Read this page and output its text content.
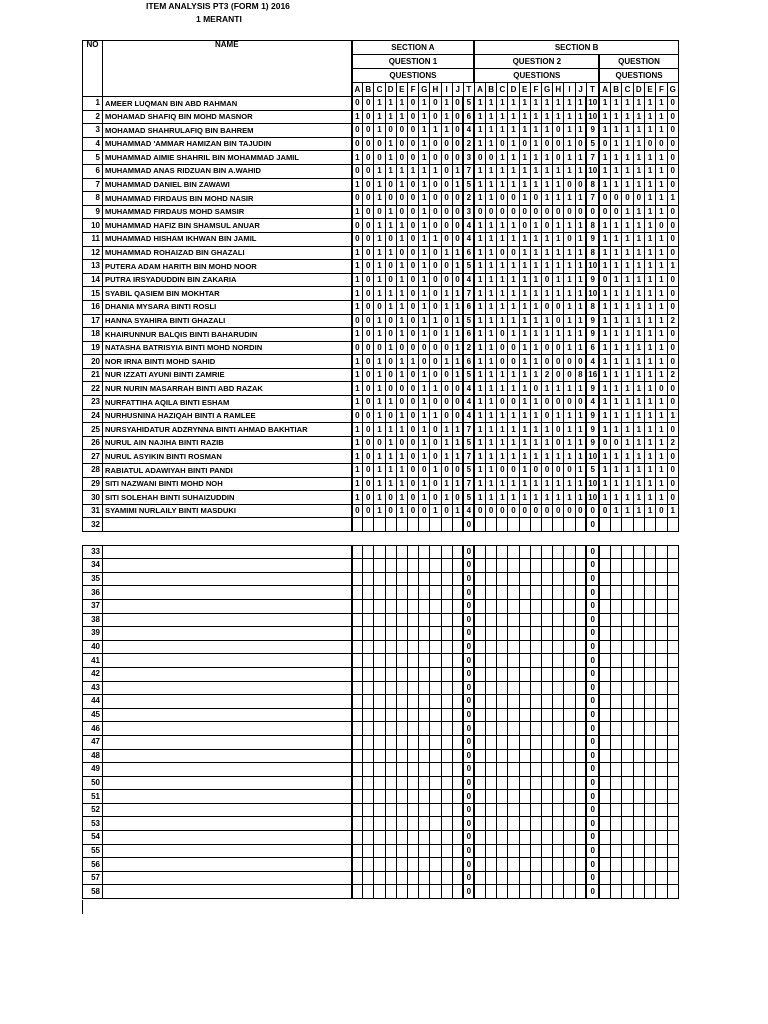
ITEM ANALYSIS PT3 (FORM 1) 2016
1 MERANTI
NO	NAME	SECTION A											SECTION B																	
		QUESTION 1											QUESTION 2											QUESTION						
		QUESTIONS											QUESTIONS											QUESTIONS						
		A	B	C	D	E	F	G	H	I	J	T	A	B	C	D	E	F	G	H	I	J	T	A	B	C	D	E	F	G
1	AMEER LUQMAN BIN ABD RAHMAN	0	0	1	1	1	0	1	0	1	0	5	1	1	1	1	1	1	1	1	1	1	10	1	1	1	1	1	1	0
2	MOHAMAD SHAFIQ BIN MOHD MASNOR	1	0	1	1	1	0	1	0	1	0	6	1	1	1	1	1	1	1	1	1	1	10	1	1	1	1	1	1	0
3	MOHAMAD SHAHRULAFIQ BIN BAHREM	0	0	1	0	0	0	1	1	1	0	4	1	1	1	1	1	1	1	0	1	1	9	1	1	1	1	1	1	0
4	MUHAMMAD 'AMMAR HAMIZAN BIN TAJUDIN	0	0	0	1	0	0	1	0	0	0	2	1	1	0	1	0	1	0	0	1	0	5	0	1	1	1	0	0	0
5	MUHAMMAD AIMIE SHAHRIL BIN MOHAMMAD JAMIL	1	0	0	1	0	0	1	0	0	0	3	0	0	1	1	1	1	1	0	1	1	7	1	1	1	1	1	1	0
6	MUHAMMAD ANAS RIDZUAN BIN A.WAHID	0	0	1	1	1	1	1	1	0	1	7	1	1	1	1	1	1	1	1	1	1	10	1	1	1	1	1	1	0
7	MUHAMMAD DANIEL BIN ZAWAWI	1	0	1	0	1	0	1	0	0	1	5	1	1	1	1	1	1	1	1	0	0	8	1	1	1	1	1	1	0
8	MUHAMMAD FIRDAUS BIN MOHD NASIR	0	0	1	0	0	0	1	0	0	0	2	1	1	0	0	1	0	1	1	1	1	7	0	0	0	0	1	1	1
9	MUHAMMAD FIRDAUS MOHD SAMSIR	1	0	0	1	0	0	1	0	0	0	3	0	0	0	0	0	0	0	0	0	0	0	0	0	1	1	1	1	0
10	MUHAMMAD HAFIZ BIN SHAMSUL ANUAR	0	0	1	1	1	0	1	0	0	0	4	1	1	1	1	0	1	0	1	1	1	8	1	1	1	1	1	0	0
11	MUHAMMAD HISHAM IKHWAN BIN JAMIL	0	0	1	0	1	0	1	1	0	0	4	1	1	1	1	1	1	1	1	0	1	9	1	1	1	1	1	1	0
12	MUHAMMAD ROHAIZAD BIN GHAZALI	1	0	1	1	0	0	1	0	1	1	6	1	1	0	0	1	1	1	1	1	1	8	1	1	1	1	1	1	0
13	PUTERA ADAM HARITH BIN MOHD NOOR	1	0	1	0	1	0	1	0	0	1	5	1	1	1	1	1	1	1	1	1	1	10	1	1	1	1	1	1	1
14	PUTRA IRSYADUDDIN BIN ZAKARIA	1	0	1	0	1	0	1	0	0	0	4	1	1	1	1	1	1	0	1	1	1	9	0	1	1	1	1	1	0
15	SYABIL QASIEM BIN MOKHTAR	1	0	1	1	1	0	1	0	1	1	7	1	1	1	1	1	1	1	1	1	1	10	1	1	1	1	1	1	0
16	DHANIA MYSARA BINTI ROSLI	1	0	0	1	1	0	1	0	1	1	6	1	1	1	1	1	1	0	0	1	1	8	1	1	1	1	1	1	0
17	HANNA SYAHIRA BINTI GHAZALI	0	0	1	0	1	0	1	1	0	1	5	1	1	1	1	1	1	1	0	1	1	9	1	1	1	1	1	1	2
18	KHAIRUNNUR BALQIS BINTI BAHARUDIN	1	0	1	0	1	0	1	0	1	1	6	1	1	0	1	1	1	1	1	1	1	9	1	1	1	1	1	1	0
19	NATASHA BATRISYIA BINTI MOHD NORDIN	0	0	0	1	0	0	0	0	0	1	2	1	1	0	0	1	1	0	0	1	1	6	1	1	1	1	1	1	0
20	NOR IRNA BINTI MOHD SAHID	1	0	1	0	1	1	0	0	1	1	6	1	1	0	0	1	1	0	0	0	0	4	1	1	1	1	1	1	0
21	NUR IZZATI AYUNI BINTI ZAMRIE	1	0	1	0	1	0	1	0	0	1	5	1	1	1	1	1	1	2	0	0	8	16	1	1	1	1	1	1	2
22	NUR NURIN MASARRAH BINTI ABD RAZAK	1	0	1	0	0	0	1	1	0	0	4	1	1	1	1	1	0	1	1	1	1	9	1	1	1	1	1	0	0
23	NURFATTIHA AQILA BINTI ESHAM	1	0	1	1	0	0	1	0	0	0	4	1	1	0	0	1	1	0	0	0	0	4	1	1	1	1	1	1	0
24	NURHUSNINA HAZIQAH BINTI A RAMLEE	0	0	1	0	1	0	1	1	0	0	4	1	1	1	1	1	1	0	1	1	1	9	1	1	1	1	1	1	1
25	NURSYAHIDATUR ADZRYNNA BINTI AHMAD BAKHTIAR	1	0	1	1	1	0	1	0	1	1	7	1	1	1	1	1	1	1	0	1	1	9	1	1	1	1	1	1	0
26	NURUL AIN NAJIHA BINTI RAZIB	1	0	0	1	0	0	1	0	1	1	5	1	1	1	1	1	1	1	0	1	1	9	0	0	1	1	1	1	2
27	NURUL ASYIKIN BINTI ROSMAN	1	0	1	1	1	0	1	0	1	1	7	1	1	1	1	1	1	1	1	1	1	10	1	1	1	1	1	1	0
28	RABIATUL ADAWIYAH BINTI PANDI	1	0	1	1	1	0	0	1	0	0	5	1	1	0	0	1	0	0	0	0	1	5	1	1	1	1	1	1	0
29	SITI NAZWANI BINTI MOHD NOH	1	0	1	1	1	0	1	0	1	1	7	1	1	1	1	1	1	1	1	1	1	10	1	1	1	1	1	1	0
30	SITI SOLEHAH BINTI SUHAIZUDDIN	1	0	1	0	1	0	1	0	1	0	5	1	1	1	1	1	1	1	1	1	1	10	1	1	1	1	1	1	0
31	SYAMIMI NURLAILY BINTI MASDUKI	0	0	1	0	1	0	0	1	0	1	4	0	0	0	0	0	0	0	0	0	0	0	0	1	1	1	1	0	1
32												0											0							

33												0											0							
34												0											0							
35												0											0							
36												0											0							
37												0											0							
38												0											0							
39												0											0							
40												0											0							
41												0											0							
42												0											0							
43												0											0							
44												0											0							
45												0											0							
46												0											0							
47												0											0							
48												0											0							
49												0											0							
50												0											0							
51												0											0							
52												0											0							
53												0											0							
54												0											0							
55												0											0							
56												0											0							
57												0											0							
58												0											0							
